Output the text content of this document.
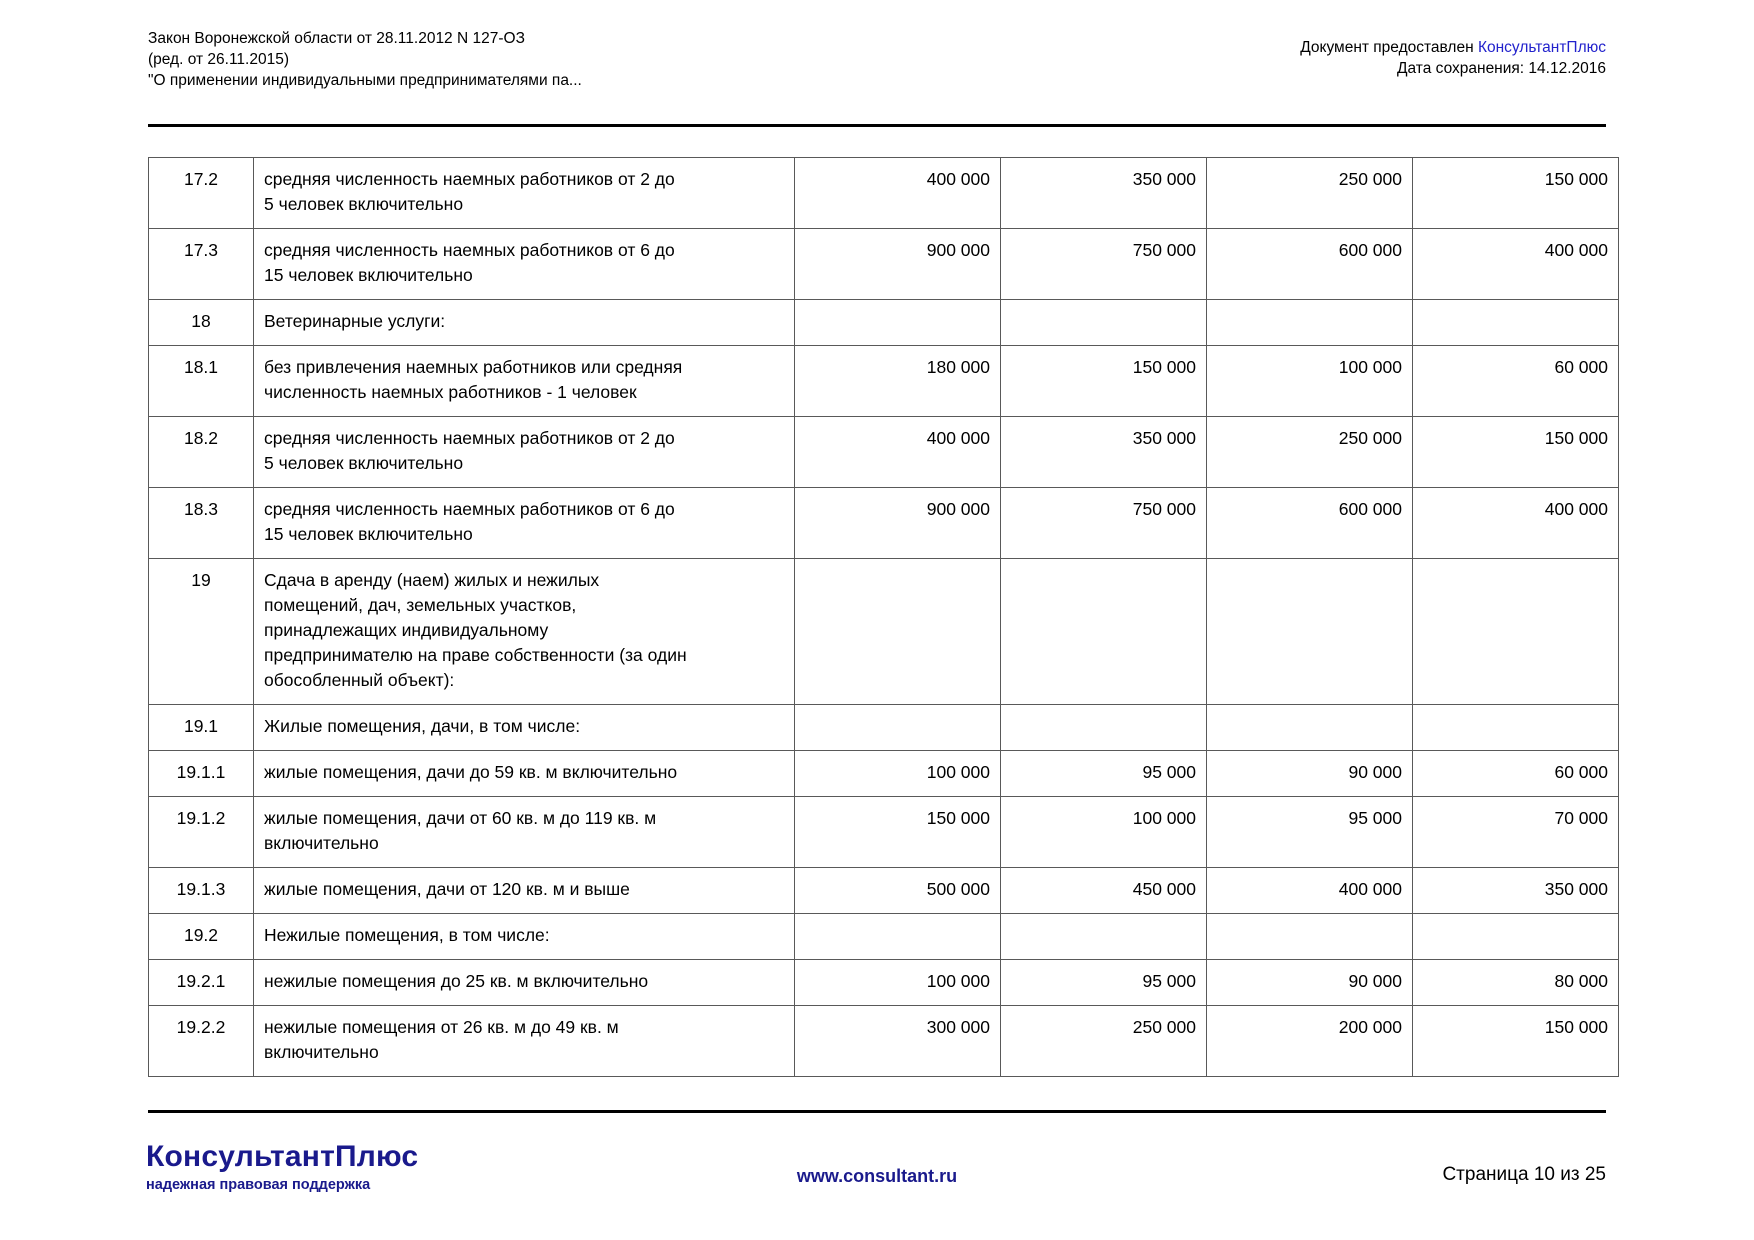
Закон Воронежской области от 28.11.2012 N 127-ОЗ
(ред. от 26.11.2015)
"О применении индивидуальными предпринимателями па...
Документ предоставлен КонсультантПлюс
Дата сохранения: 14.12.2016
17.2	средняя численность наемных работников от 2 до
5 человек включительно	400 000	350 000	250 000	150 000
17.3	средняя численность наемных работников от 6 до
15 человек включительно	900 000	750 000	600 000	400 000
18	Ветеринарные услуги:				

18.1	без привлечения наемных работников или средняя
численность наемных работников - 1 человек	180 000	150 000	100 000	60 000
18.2	средняя численность наемных работников от 2 до
5 человек включительно	400 000	350 000	250 000	150 000
18.3	средняя численность наемных работников от 6 до
15 человек включительно	900 000	750 000	600 000	400 000
19	Сдача в аренду (наем) жилых и нежилых
помещений, дач, земельных участков,
принадлежащих индивидуальному
предпринимателю на праве собственности (за один
обособленный объект):				

19.1	Жилые помещения, дачи, в том числе:				

19.1.1	жилые помещения, дачи до 59 кв. м включительно	100 000	95 000	90 000	60 000
19.1.2	жилые помещения, дачи от 60 кв. м до 119 кв. м
включительно	150 000	100 000	95 000	70 000
19.1.3	жилые помещения, дачи от 120 кв. м и выше	500 000	450 000	400 000	350 000
19.2	Нежилые помещения, в том числе:				

19.2.1	нежилые помещения до 25 кв. м включительно	100 000	95 000	90 000	80 000
19.2.2	нежилые помещения от 26 кв. м до 49 кв. м
включительно	300 000	250 000	200 000	150 000
КонсультантПлюс
надежная правовая поддержка	www.consultant.ru	Страница 10 из 25
